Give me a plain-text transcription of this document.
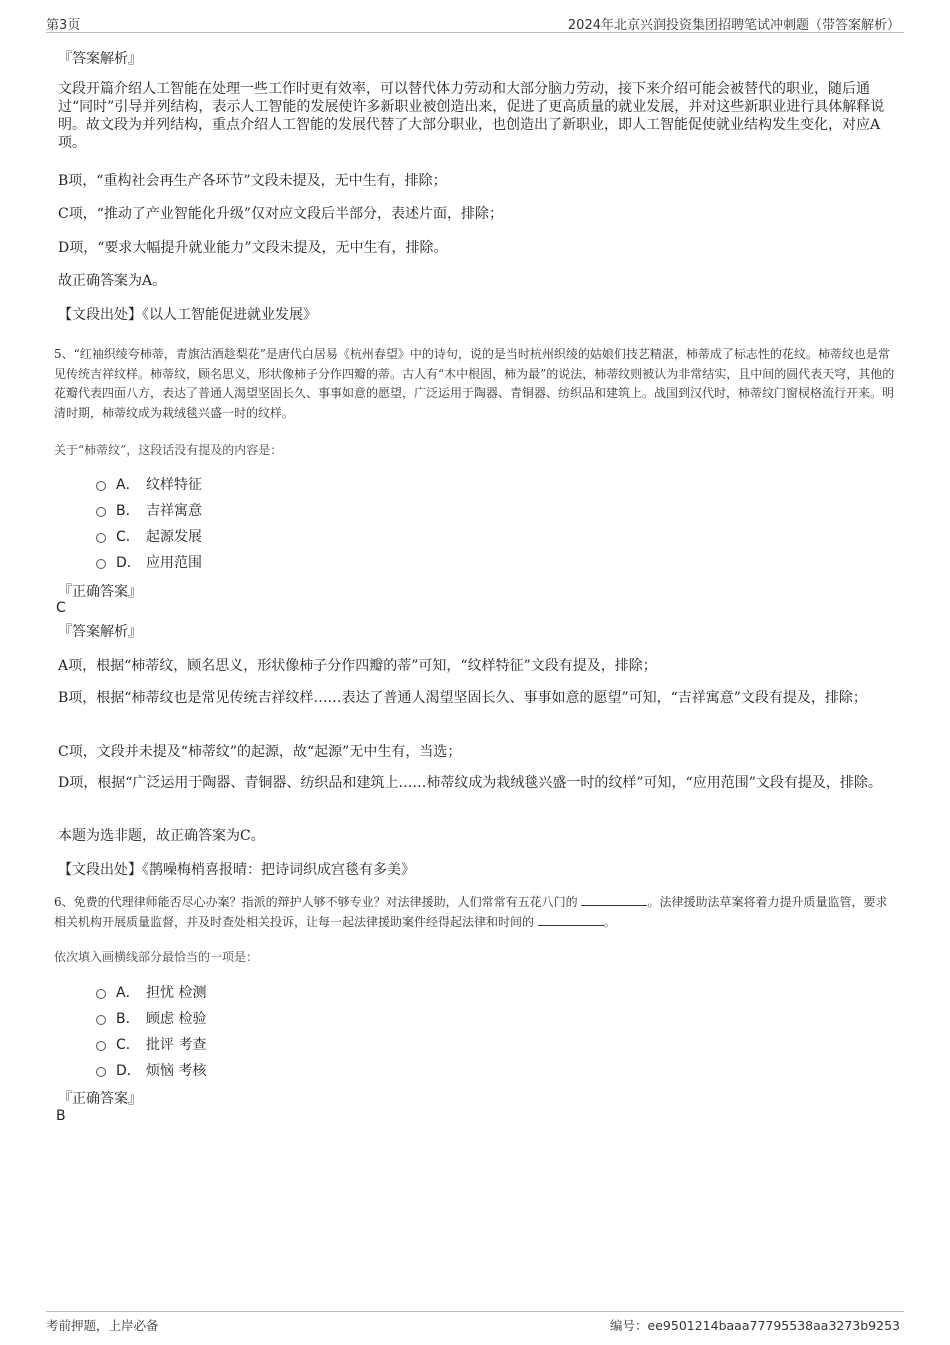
第3页	2024年北京兴润投资集团招聘笔试冲刺题（带答案解析）
『答案解析』
文段开篇介绍人工智能在处理一些工作时更有效率，可以替代体力劳动和大部分脑力劳动，接下来介绍可能会被替代的职业，随后通过“同时”引导并列结构，表示人工智能的发展使许多新职业被创造出来，促进了更高质量的就业发展，并对这些新职业进行具体解释说明。故文段为并列结构，重点介绍人工智能的发展代替了大部分职业，也创造出了新职业，即人工智能促使就业结构发生变化，对应A项。
B项，“重构社会再生产各环节”文段未提及，无中生有，排除；
C项，“推动了产业智能化升级”仅对应文段后半部分，表述片面，排除；
D项，“要求大幅提升就业能力”文段未提及，无中生有，排除。
故正确答案为A。
【文段出处】《以人工智能促进就业发展》
5、“红袖织绫夸柿蒂，青旗沽酒趁梨花”是唐代白居易《杭州春望》中的诗句，说的是当时杭州织绫的姑娘们技艺精湛，柿蒂成了标志性的花纹。柿蒂纹也是常见传统吉祥纹样。柿蒂纹，顾名思义，形状像柿子分作四瓣的蒂。古人有“木中根固，柿为最”的说法，柿蒂纹则被认为非常结实，且中间的圆代表天穹，其他的花瓣代表四面八方，表达了普通人渴望坚固长久、事事如意的愿望，广泛运用于陶器、青铜器、纺织品和建筑上。战国到汉代时，柿蒂纹门窗棂格流行开来。明清时期，柿蒂纹成为栽绒毯兴盛一时的纹样。
关于“柿蒂纹”，这段话没有提及的内容是：
A． 纹样特征
B． 吉祥寓意
C． 起源发展
D． 应用范围
『正确答案』
C
『答案解析』
A项，根据“柿蒂纹，顾名思义，形状像柿子分作四瓣的蒂”可知，“纹样特征”文段有提及，排除；
B项，根据“柿蒂纹也是常见传统吉祥纹样……表达了普通人渴望坚固长久、事事如意的愿望”可知，“吉祥寓意”文段有提及，排除；
C项，文段并未提及“柿蒂纹”的起源，故“起源”无中生有，当选；
D项，根据“广泛运用于陶器、青铜器、纺织品和建筑上……柿蒂纹成为栽绒毯兴盛一时的纹样”可知，“应用范围”文段有提及，排除。
本题为选非题，故正确答案为C。
【文段出处】《鹊噪梅梢喜报晴：把诗词织成宫毯有多美》
6、免费的代理律师能否尽心办案？指派的辩护人够不够专业？对法律援助，人们常常有五花八门的	。法律援助法草案将着力提升质量监管，要求相关机构开展质量监督，并及时查处相关投诉，让每一起法律援助案件经得起法律和时间的	。
依次填入画横线部分最恰当的一项是：
A． 担忧 检测
B． 顾虑 检验
C． 批评 考查
D． 烦恼 考核
『正确答案』
B
考前押题，上岸必备	编号：ee9501214baaa77795538aa3273b9253
